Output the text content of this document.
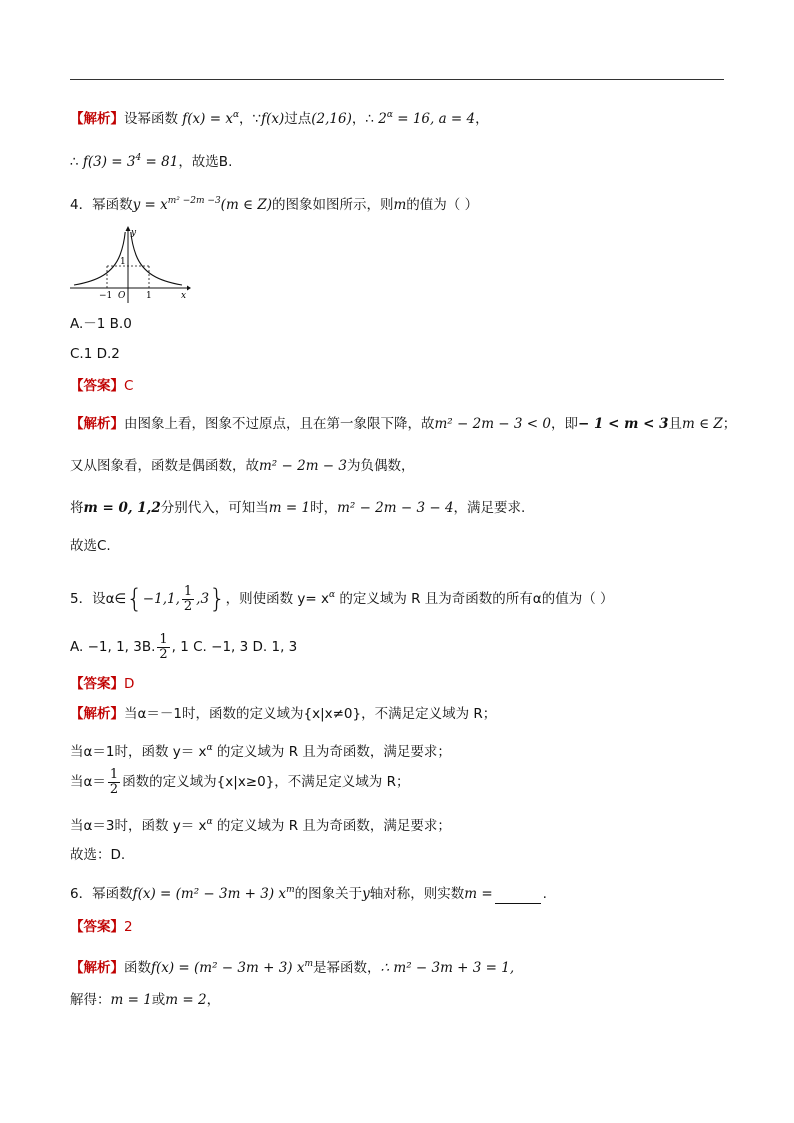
【解析】设幂函数 $f(x) = x^\alpha$，∵f(x)过点(2,16)，∴ $2^\alpha = 16$, a = 4，
∴ $f(3) = 3^4 = 81$，故选B.
4．幂函数$y = x^{m^2 -2m -3}(m$ ∈ Z)的图象如图所示，则m的值为（ ）
y
x
1
−1 O 1
A.－1 B.0
C.1 D.2
【答案】C
【解析】由图象上看，图象不过原点，且在第一象限下降，故m² − 2m − 3 < 0，即− 1 < m < 3且m ∈ Z；
又从图象看，函数是偶函数，故m² − 2m − 3为负偶数，
将m = 0, 1,2分别代入，可知当m = 1时，m² − 2m − 3 − 4，满足要求.
故选C.
5．设α∈{−1,1, $\frac{1}{2} ,3$}，则使函数 $y= x^\alpha$ 的定义域为 R 且为奇函数的所有α的值为（ ）
A. −1, 1, 3B. $\frac{1}{2}$ , 1 C. −1, 3 D. 1, 3
【答案】D
【解析】当α＝－1时，函数的定义域为{x|x≠0}，不满足定义域为 R；
当α＝1时，函数 $y= x^\alpha$ 的定义域为 R 且为奇函数，满足要求；
当$\alpha= \frac{1}{2}$ 函数的定义域为{x|x≥0}，不满足定义域为 R；
当α＝3时，函数 $y= x^\alpha$ 的定义域为 R 且为奇函数，满足要求；
故选：D.
6．幂函数f(x) = (m² − 3m + 3) $x^m$的图象关于y轴对称，则实数m =	.
【答案】2
【解析】函数f(x) = (m² − 3m + 3) $x^m$是幂函数，∴ m² − 3m + 3 = 1,
解得：m = 1或m = 2，
